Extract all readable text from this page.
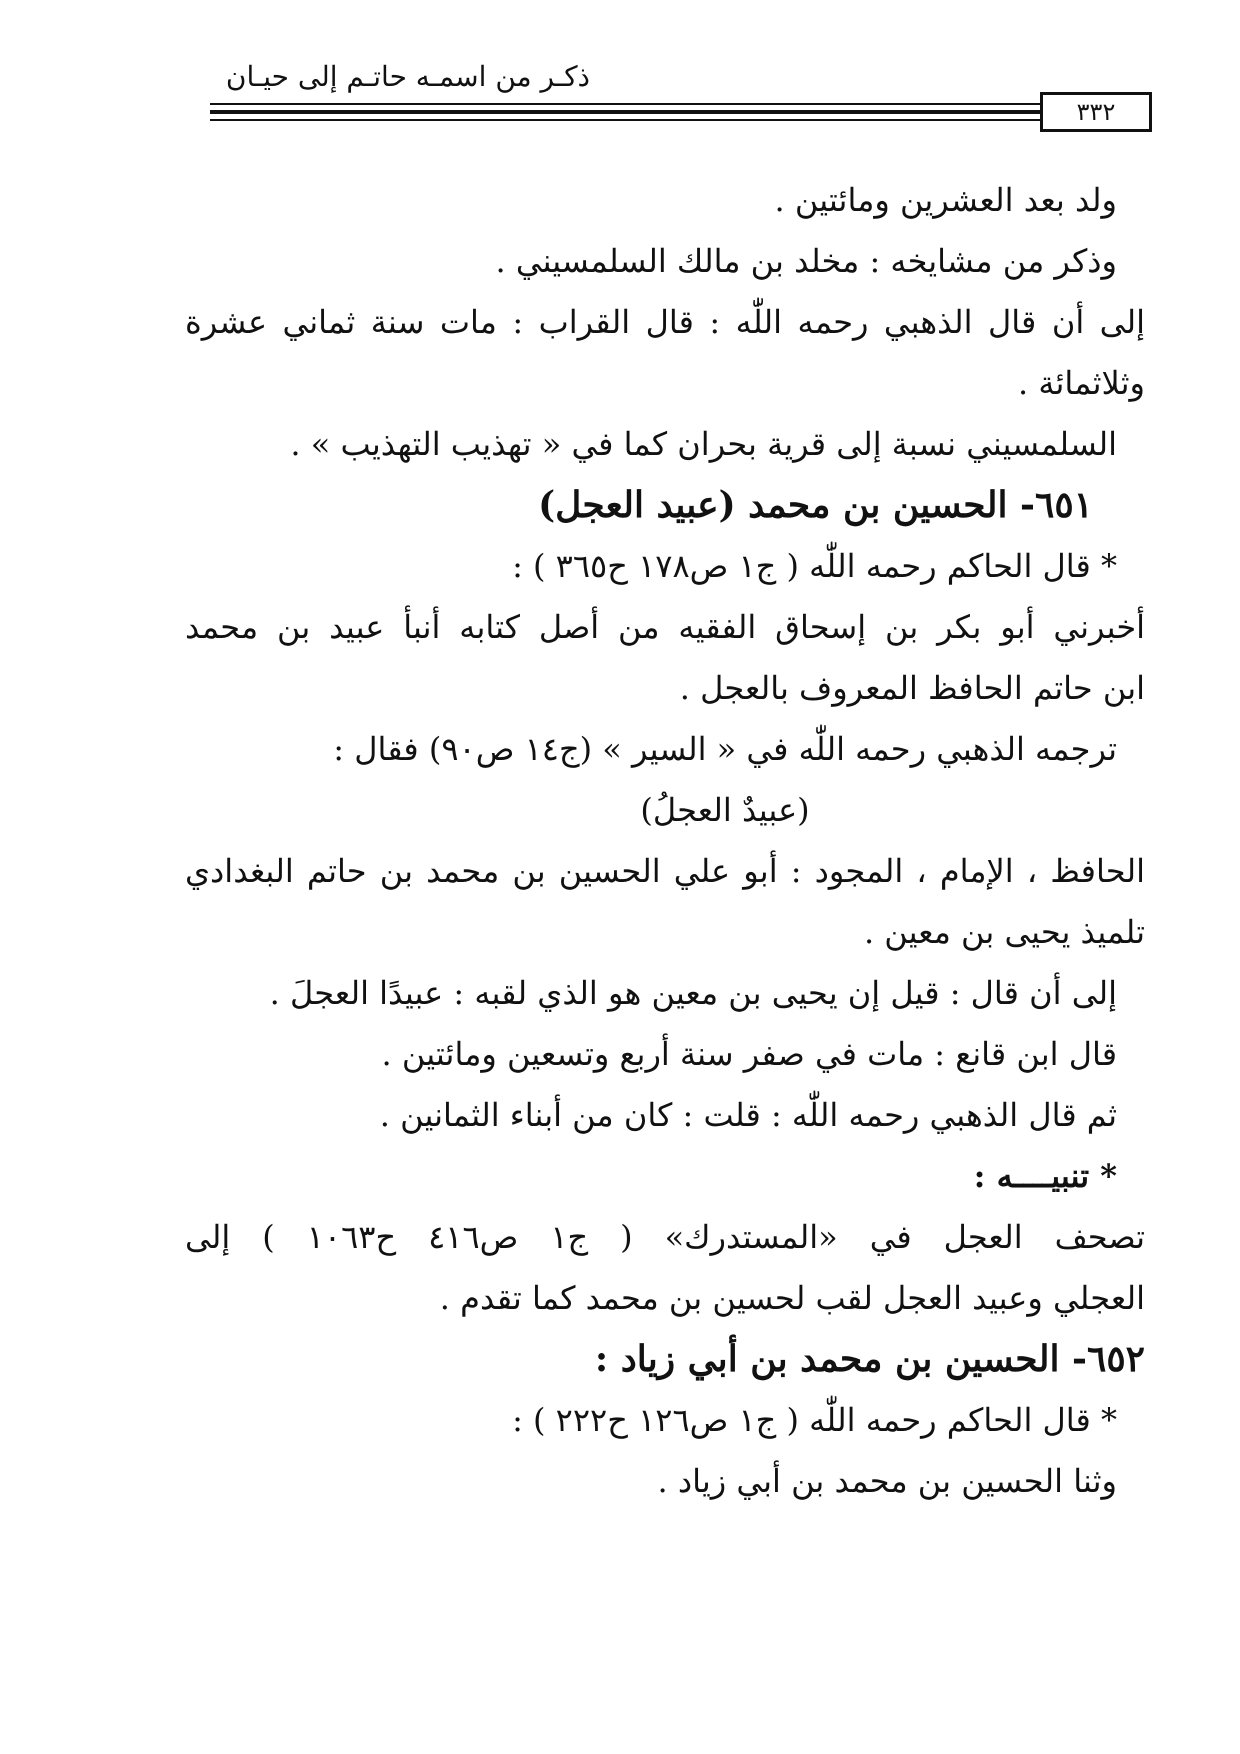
ذكـر من اسمـه حاتـم إلى حيـان
٣٣٢
ولد بعد العشرين ومائتين .
وذكر من مشايخه : مخلد بن مالك السلمسيني .
إلى أن قال الذهبي رحمه اللّٰه : قال القراب : مات سنة ثماني عشرة
وثلاثمائة .
السلمسيني نسبة إلى قرية بحران كما في « تهذيب التهذيب » .
٦٥١- الحسين بن محمد (عبيد العجل)
* قال الحاكم رحمه اللّٰه ( ج١ ص١٧٨ ح٣٦٥ ) :
أخبرني أبو بكر بن إسحاق الفقيه من أصل كتابه أنبأ عبيد بن محمد
ابن حاتم الحافظ المعروف بالعجل .
ترجمه الذهبي رحمه اللّٰه في « السير » (ج١٤ ص٩٠) فقال :
(عبيدٌ العجلُ)
الحافظ ، الإمام ، المجود : أبو علي الحسين بن محمد بن حاتم البغدادي
تلميذ يحيى بن معين .
إلى أن قال : قيل إن يحيى بن معين هو الذي لقبه : عبيدًا العجلَ .
قال ابن قانع : مات في صفر سنة أربع وتسعين ومائتين .
ثم قال الذهبي رحمه اللّٰه : قلت : كان من أبناء الثمانين .
* تنبيــــه :
تصحف العجل في «المستدرك» ( ج١ ص٤١٦ ح١٠٦٣ ) إلى
العجلي وعبيد العجل لقب لحسين بن محمد كما تقدم .
٦٥٢- الحسين بن محمد بن أبي زياد :
* قال الحاكم رحمه اللّٰه ( ج١ ص١٢٦ ح٢٢٢ ) :
وثنا الحسين بن محمد بن أبي زياد .
